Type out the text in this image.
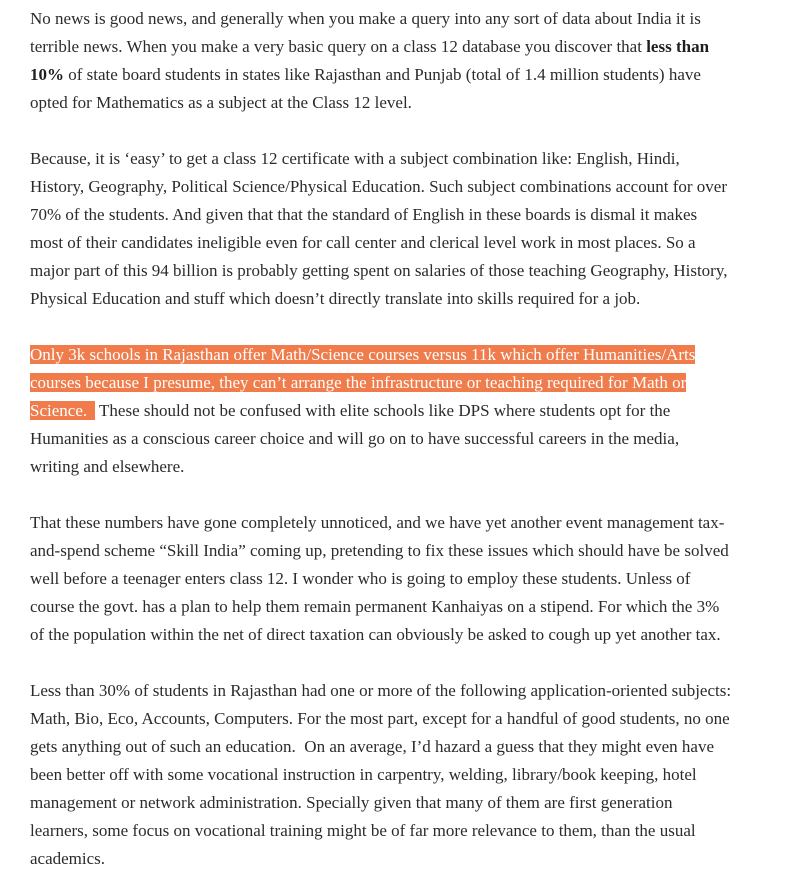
No news is good news, and generally when you make a query into any sort of data about India it is terrible news. When you make a very basic query on a class 12 database you discover that less than 10% of state board students in states like Rajasthan and Punjab (total of 1.4 million students) have opted for Mathematics as a subject at the Class 12 level.

Because, it is ‘easy’ to get a class 12 certificate with a subject combination like: English, Hindi, History, Geography, Political Science/Physical Education. Such subject combinations account for over 70% of the students. And given that that the standard of English in these boards is dismal it makes most of their candidates ineligible even for call center and clerical level work in most places. So a major part of this 94 billion is probably getting spent on salaries of those teaching Geography, History, Physical Education and stuff which doesn’t directly translate into skills required for a job.

Only 3k schools in Rajasthan offer Math/Science courses versus 11k which offer Humanities/Arts courses because I presume, they can’t arrange the infrastructure or teaching required for Math or Science. These should not be confused with elite schools like DPS where students opt for the Humanities as a conscious career choice and will go on to have successful careers in the media, writing and elsewhere.

That these numbers have gone completely unnoticed, and we have yet another event management tax-and-spend scheme “Skill India” coming up, pretending to fix these issues which should have be solved well before a teenager enters class 12. I wonder who is going to employ these students. Unless of course the govt. has a plan to help them remain permanent Kanhaiyas on a stipend. For which the 3% of the population within the net of direct taxation can obviously be asked to cough up yet another tax.

Less than 30% of students in Rajasthan had one or more of the following application-oriented subjects: Math, Bio, Eco, Accounts, Computers. For the most part, except for a handful of good students, no one gets anything out of such an education.  On an average, I’d hazard a guess that they might even have been better off with some vocational instruction in carpentry, welding, library/book keeping, hotel management or network administration. Specially given that many of them are first generation learners, some focus on vocational training might be of far more relevance to them, than the usual academics.
